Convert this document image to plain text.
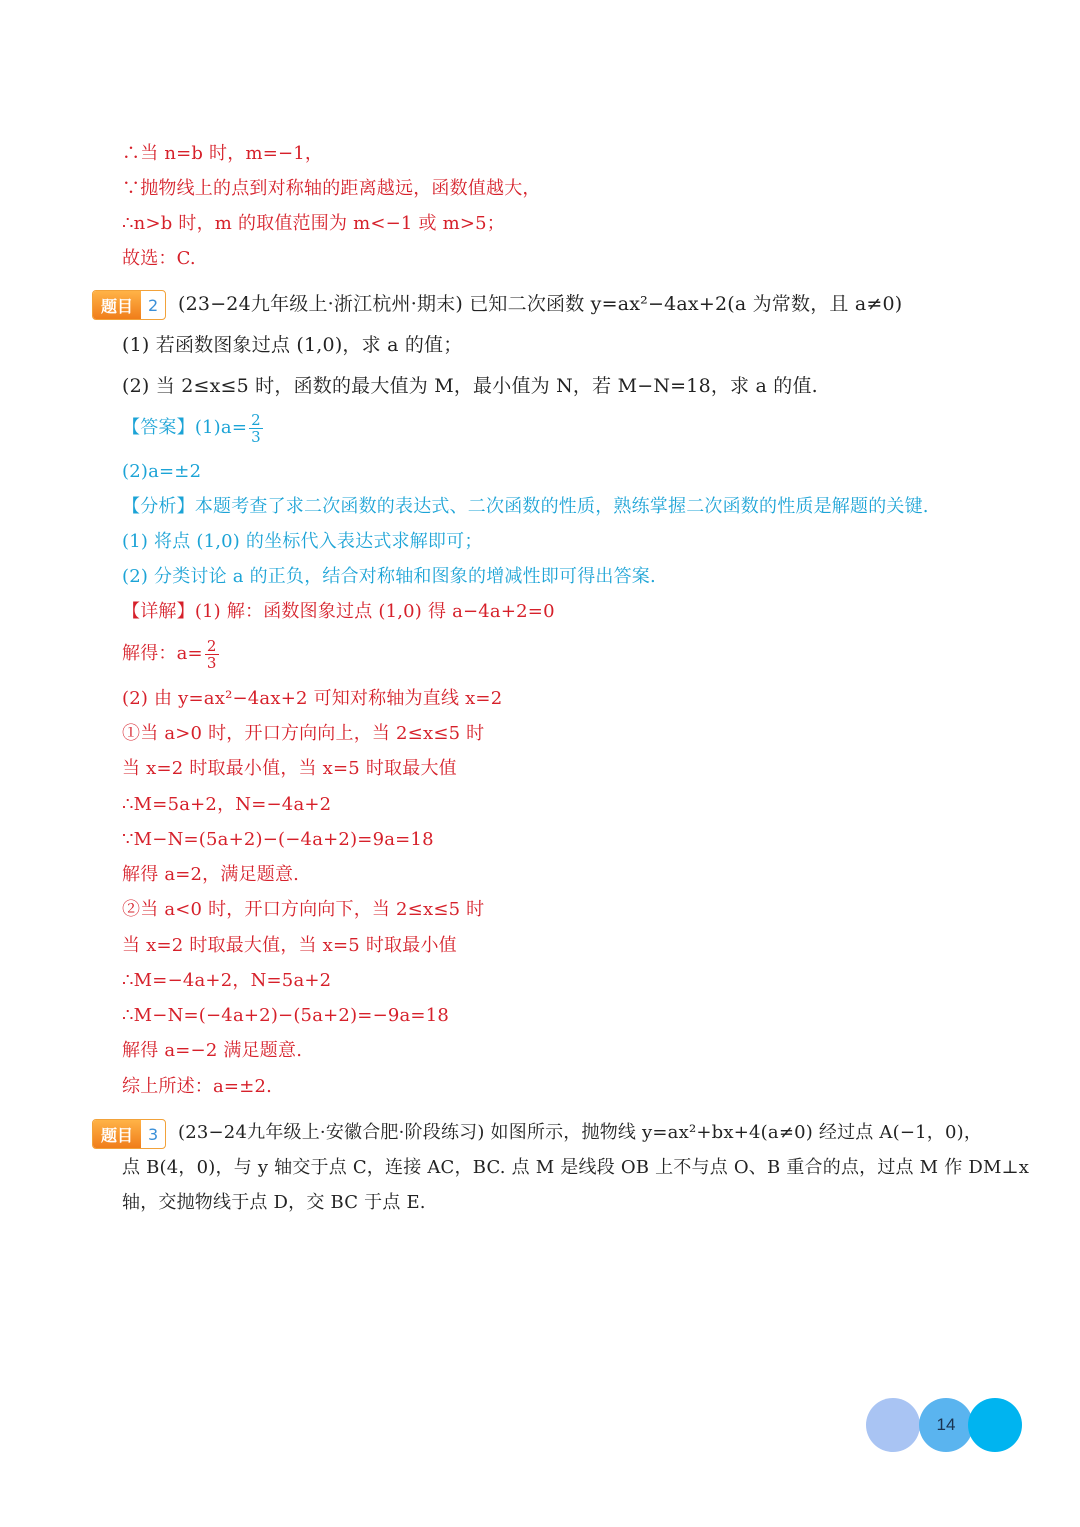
∴当 n=b 时，m=−1，
∵抛物线上的点到对称轴的距离越远，函数值越大，
∴n>b 时，m 的取值范围为 m<−1 或 m>5；
故选：C.
题目 2	(23−24九年级上·浙江杭州·期末) 已知二次函数 y=ax²−4ax+2(a 为常数，且 a≠0)
(1) 若函数图象过点 (1,0)，求 a 的值；
(2) 当 2≤x≤5 时，函数的最大值为 M，最小值为 N，若 M−N=18，求 a 的值.
【答案】$(1)a= \frac{2}{3}$
(2)a=±2
【分析】本题考查了求二次函数的表达式、二次函数的性质，熟练掌握二次函数的性质是解题的关键.
(1) 将点 (1,0) 的坐标代入表达式求解即可；
(2) 分类讨论 a 的正负，结合对称轴和图象的增减性即可得出答案.
【详解】(1) 解：函数图象过点 (1,0) 得 a−4a+2=0
解得：$a= \frac{2}{3}$
(2) 由 y=ax²−4ax+2 可知对称轴为直线 x=2
①当 a>0 时，开口方向向上，当 2≤x≤5 时
当 x=2 时取最小值，当 x=5 时取最大值
∴M=5a+2，N=−4a+2
∵M−N=(5a+2)−(−4a+2)=9a=18
解得 a=2，满足题意.
②当 a<0 时，开口方向向下，当 2≤x≤5 时
当 x=2 时取最大值，当 x=5 时取最小值
∴M=−4a+2，N=5a+2
∴M−N=(−4a+2)−(5a+2)=−9a=18
解得 a=−2 满足题意.
综上所述：a=±2.
题目 3	(23−24九年级上·安徽合肥·阶段练习) 如图所示，抛物线 y=ax²+bx+4(a≠0) 经过点 A(−1，0)，
点 B(4，0)，与 y 轴交于点 C，连接 AC，BC. 点 M 是线段 OB 上不与点 O、B 重合的点，过点 M 作 DM⊥x
轴，交抛物线于点 D，交 BC 于点 E.
14
